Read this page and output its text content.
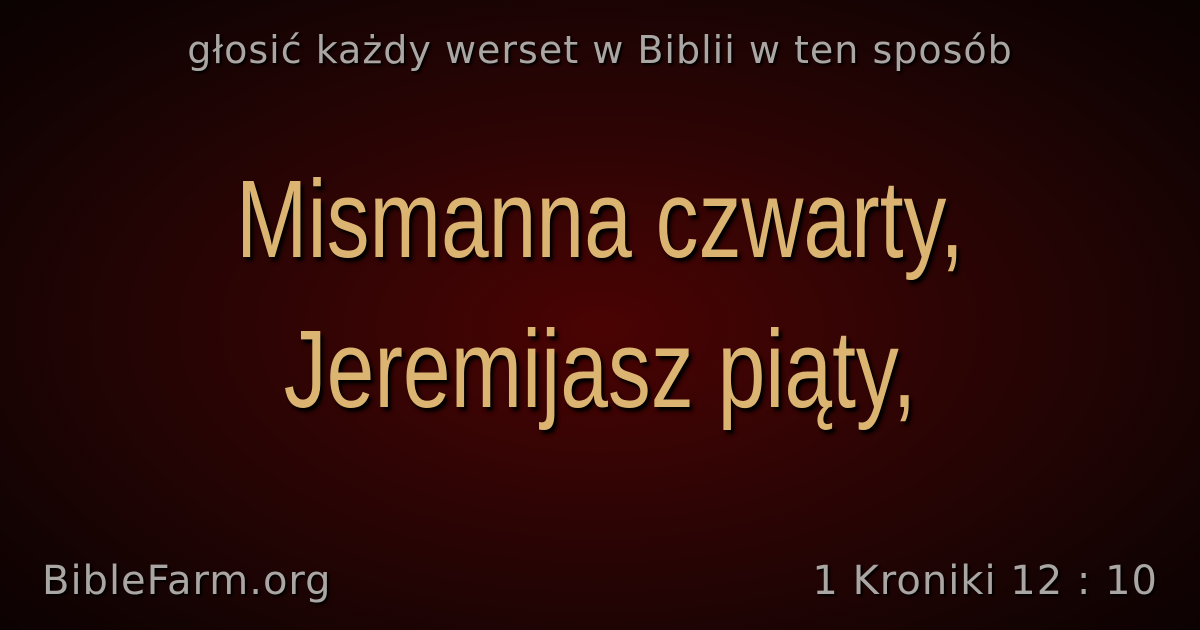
głosić każdy werset w Biblii w ten sposób
Mismanna czwarty,
Jeremijasz piąty,
BibleFarm.org	1 Kroniki 12 : 10
